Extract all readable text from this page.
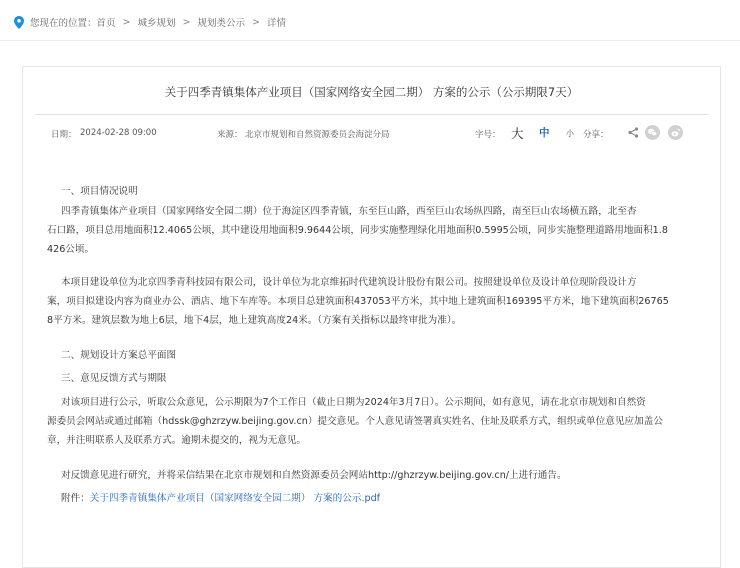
您现在的位置： 首页 > 城乡规划 > 规划类公示 > 详情
关于四季青镇集体产业项目（国家网络安全园二期） 方案的公示（公示期限7天）
日期： 2024-02-28 09:00	来源： 北京市规划和自然资源委员会海淀分局	字号： 大 中 小 分享：
一、项目情况说明
四季青镇集体产业项目（国家网络安全园二期）位于海淀区四季青镇，东至巨山路，西至巨山农场纵四路，南至巨山农场横五路，北至杏
石口路，项目总用地面积12.4065公顷，其中建设用地面积9.9644公顷，同步实施整理绿化用地面积0.5995公顷，同步实施整理道路用地面积1.8
426公顷。
本项目建设单位为北京四季青科技园有限公司，设计单位为北京维拓时代建筑设计股份有限公司。按照建设单位及设计单位现阶段设计方
案，项目拟建设内容为商业办公、酒店、地下车库等。本项目总建筑面积437053平方米，其中地上建筑面积169395平方米，地下建筑面积26765
8平方米。建筑层数为地上6层，地下4层，地上建筑高度24米。（方案有关指标以最终审批为准）。
二、规划设计方案总平面图
三、意见反馈方式与期限
对该项目进行公示，听取公众意见，公示期限为7个工作日（截止日期为2024年3月7日）。公示期间，如有意见，请在北京市规划和自然资
源委员会网站或通过邮箱（hdssk@ghzrzyw.beijing.gov.cn）提交意见。个人意见请签署真实姓名、住址及联系方式，组织或单位意见应加盖公
章，并注明联系人及联系方式。逾期未提交的，视为无意见。
对反馈意见进行研究，并将采信结果在北京市规划和自然资源委员会网站http://ghzrzyw.beijing.gov.cn/上进行通告。
附件：关于四季青镇集体产业项目（国家网络安全园二期） 方案的公示.pdf
